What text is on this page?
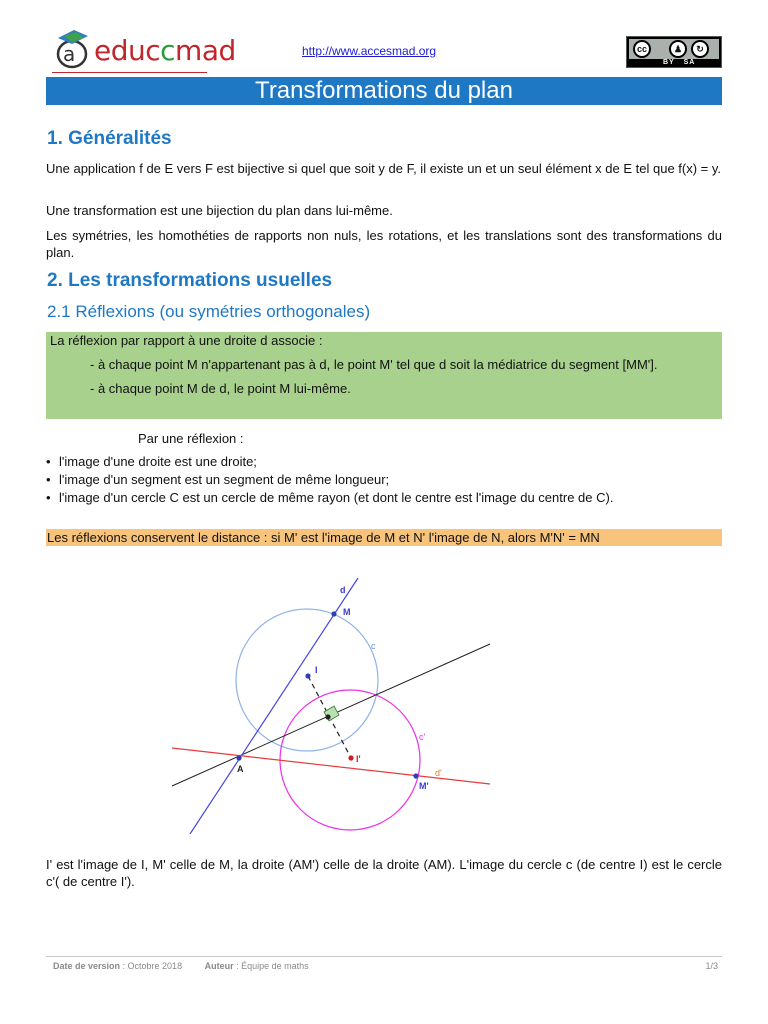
a educcmad	http://www.accesmad.org	cc	♟	↻
BY SA
Transformations du plan
1. Généralités
Une application f de E vers F est bijective si quel que soit y de F, il existe un et un seul élément x de E tel que f(x) = y.
Une transformation est une bijection du plan dans lui-même.
Les symétries, les homothéties de rapports non nuls, les rotations, et les translations sont des transformations du plan.
2. Les transformations usuelles
2.1 Réflexions (ou symétries orthogonales)
La réflexion par rapport à une droite d associe :
- à chaque point M n'appartenant pas à d, le point M' tel que d soit la médiatrice du segment [MM'].
- à chaque point M de d, le point M lui-même.
Par une réflexion :
• l'image d'une droite est une droite;
• l'image d'un segment est un segment de même longueur;
• l'image d'un cercle C est un cercle de même rayon (et dont le centre est l'image du centre de C).
Les réflexions conservent le distance : si M' est l'image de M et N' l'image de N, alors M'N' = MN
d
M
c
I
c'
I'
d'
A
M'
I' est l'image de I, M' celle de M, la droite (AM') celle de la droite (AM). L'image du cercle c (de centre I) est le cercle c'( de centre I').
Date de version : Octobre 2018	Auteur : Équipe de maths	1/3
